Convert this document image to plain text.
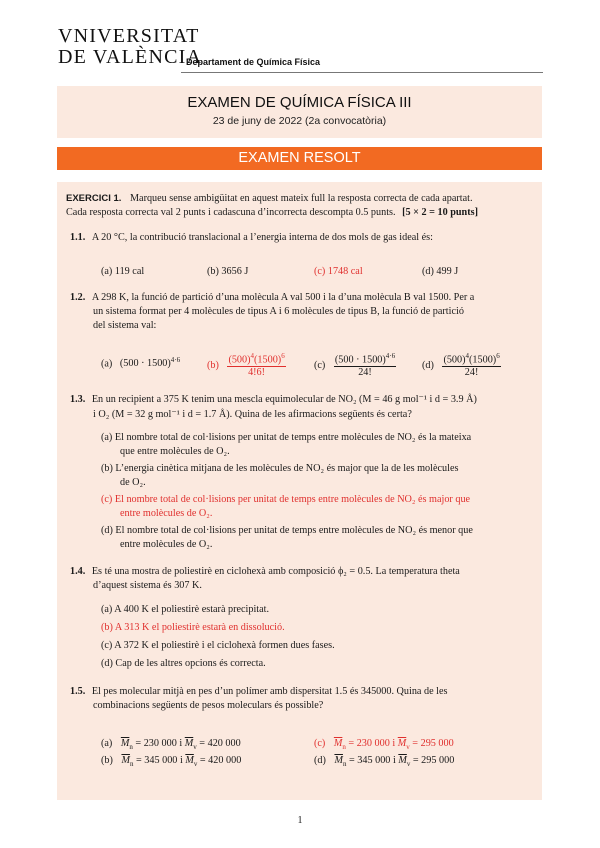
VNIVERSITAT
DE VALÈNCIA
Departament de Química Física
EXAMEN DE QUÍMICA FÍSICA III
23 de juny de 2022 (2a convocatòria)
EXAMEN RESOLT
EXERCICI 1. Marqueu sense ambigüitat en aquest mateix full la resposta correcta de cada apartat.
Cada resposta correcta val 2 punts i cadascuna d’incorrecta descompta 0.5 punts. [5 × 2 = 10 punts]
1.1. A 20 °C, la contribució translacional a l’energia interna de dos mols de gas ideal és:
(a) 119 cal	(b) 3656 J	(c) 1748 cal	(d) 499 J
1.2. A 298 K, la funció de partició d’una molècula A val 500 i la d’una molècula B val 1500. Per a
un sistema format per 4 molècules de tipus A i 6 molècules de tipus B, la funció de partició
del sistema val:
(a) $(500 \cdot 1500)^{4\cdot 6}$	$(b) \frac{(500)^4(1500)^6}{4!6!}$	$(c) \frac{(500 \cdot 1500)^{4\cdot 6}}{24!}$	$(d) \frac{(500)^4(1500)^6}{24!}$
1.3. En un recipient a 375 K tenim una mescla equimolecular de NO₂ (M = 46 g mol⁻¹ i d = 3.9 Å)
i O₂ (M = 32 g mol⁻¹ i d = 1.7 Å). Quina de les afirmacions següents és certa?
(a) El nombre total de col·lisions per unitat de temps entre molècules de NO₂ és la mateixa
que entre molècules de O₂.
(b) L’energia cinètica mitjana de les molècules de NO₂ és major que la de les molècules
de O₂.
(c) El nombre total de col·lisions per unitat de temps entre molècules de NO₂ és major que
entre molècules de O₂.
(d) El nombre total de col·lisions per unitat de temps entre molècules de NO₂ és menor que
entre molècules de O₂.
1.4. Es té una mostra de poliestirè en ciclohexà amb composició ϕ₂ = 0.5. La temperatura theta
d’aquest sistema és 307 K.
(a) A 400 K el poliestirè estarà precipitat.
(b) A 313 K el poliestirè estarà en dissolució.
(c) A 372 K el poliestirè i el ciclohexà formen dues fases.
(d) Cap de les altres opcions és correcta.
1.5. El pes molecular mitjà en pes d’un polímer amb dispersitat 1.5 és 345000. Quina de les
combinacions següents de pesos moleculars és possible?
(a) $\overline{M}_n = 230$ 000 i $\overline{M}_v = 420$ 000	(c) $\overline{M}_n = 230$ 000 i $\overline{M}_v = 295$ 000
(b) $\overline{M}_n = 345$ 000 i $\overline{M}_v = 420$ 000	(d) $\overline{M}_n = 345$ 000 i $\overline{M}_v = 295$ 000
1
